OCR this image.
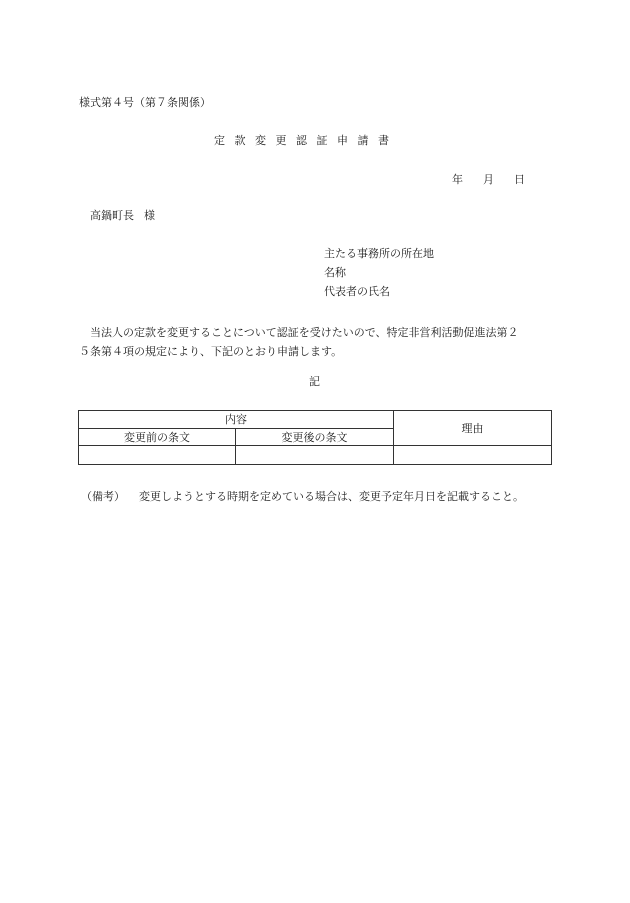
様式第４号（第７条関係）
定款変更認証申請書
年 月 日
高鍋町長 様
主たる事務所の所在地
名称
代表者の氏名
　当法人の定款を変更することについて認証を受けたいので、特定非営利活動促進法第２
５条第４項の規定により、下記のとおり申請します。
記
内容		理由
変更前の条文	変更後の条文	

（備考） 変更しようとする時期を定めている場合は、変更予定年月日を記載すること。
